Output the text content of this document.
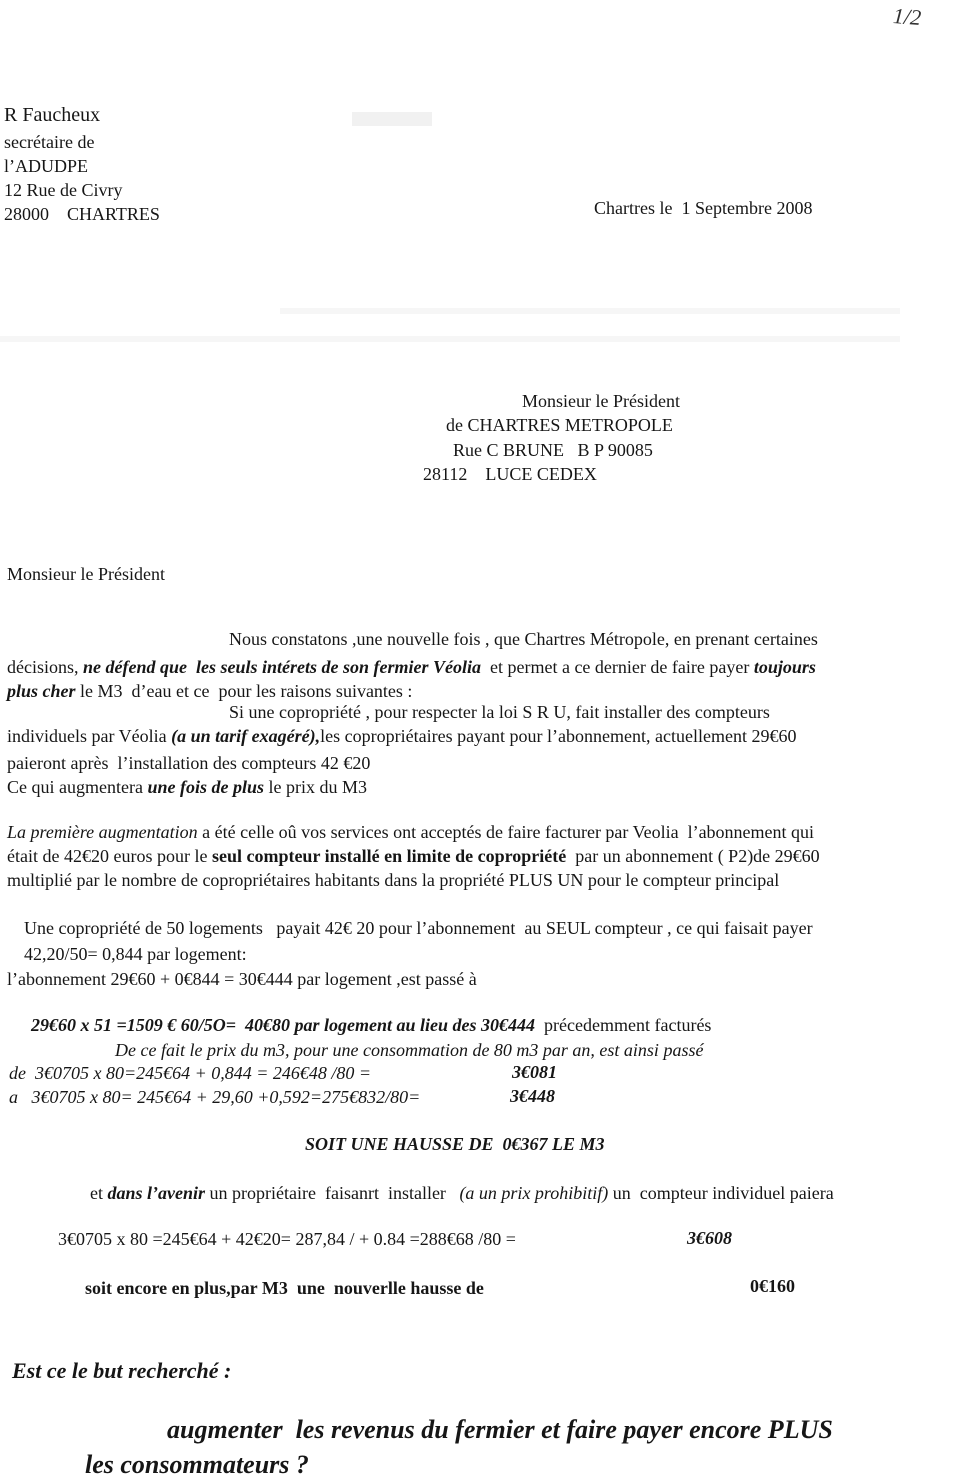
1/2
R Faucheux
secrétaire de
l’ADUDPE
12 Rue de Civry
28000    CHARTRES	Chartres le  1 Septembre 2008
Monsieur le Président
de CHARTRES METROPOLE
Rue C BRUNE   B P 90085
28112    LUCE CEDEX
Monsieur le Président
Nous constatons ,une nouvelle fois , que Chartres Métropole, en prenant certaines
décisions, ne défend que  les seuls intérets de son fermier Véolia  et permet a ce dernier de faire payer toujours
plus cher le M3  d’eau et ce  pour les raisons suivantes :
Si une copropriété , pour respecter la loi S R U, fait installer des compteurs
individuels par Véolia (a un tarif exagéré),les copropriétaires payant pour l’abonnement, actuellement 29€60
paieront après  l’installation des compteurs 42 €20
Ce qui augmentera une fois de plus le prix du M3
La première augmentation a été celle oû vos services ont acceptés de faire facturer par Veolia  l’abonnement qui
était de 42€20 euros pour le seul compteur installé en limite de copropriété  par un abonnement ( P2)de 29€60
multiplié par le nombre de copropriétaires habitants dans la propriété PLUS UN pour le compteur principal
Une copropriété de 50 logements   payait 42€ 20 pour l’abonnement  au SEUL compteur , ce qui faisait payer
42,20/50= 0,844 par logement:
l’abonnement 29€60 + 0€844 = 30€444 par logement ,est passé à
29€60 x 51 =1509 € 60/5O=  40€80 par logement au lieu des 30€444  précedemment facturés
De ce fait le prix du m3, pour une consommation de 80 m3 par an, est ainsi passé
de  3€0705 x 80=245€64 + 0,844 = 246€48 /80 =	3€081
a   3€0705 x 80= 245€64 + 29,60 +0,592=275€832/80=	3€448
SOIT UNE HAUSSE DE  0€367 LE M3
et dans l’avenir un propriétaire  faisanrt  installer   (a un prix prohibitif) un  compteur individuel paiera
3€0705 x 80 =245€64 + 42€20= 287,84 / + 0.84 =288€68 /80 =	3€608
soit encore en plus,par M3  une  nouverlle hausse de	0€160
Est ce le but recherché :
augmenter  les revenus du fermier et faire payer encore PLUS
les consommateurs ?
